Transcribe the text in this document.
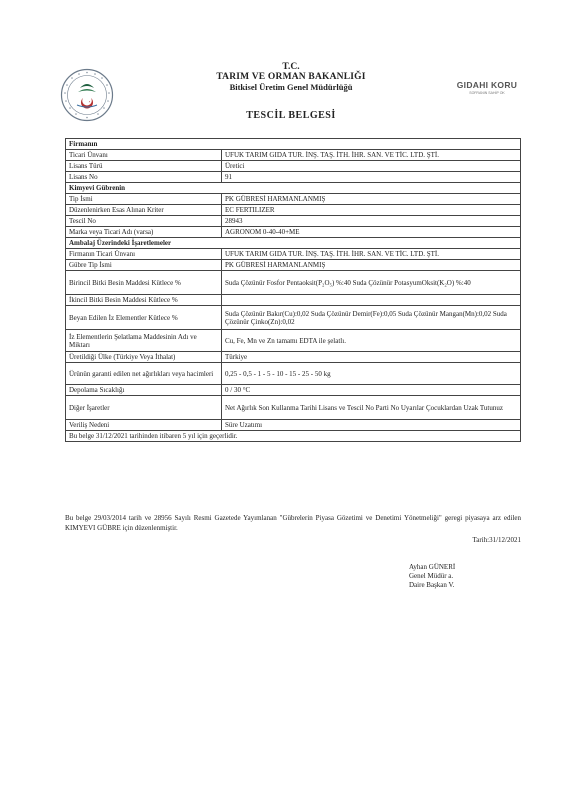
T.C.
TARIM VE ORMAN BAKANLIĞI
Bitkisel Üretim Genel Müdürlüğü
TESCİL BELGESİ
GIDAHI KORU
SOFRANIN SAHİP OK
Firmanın	
Ticari Ünvanı	UFUK TARIM GIDA TUR. İNŞ. TAŞ. İTH. İHR. SAN. VE TİC. LTD. ŞTİ.
Lisans Türü	Üretici
Lisans No	91
Kimyevi Gübrenin	
Tip İsmi	PK GÜBRESİ HARMANLANMIŞ
Düzenlenirken Esas Alınan Kriter	EC FERTILIZER
Tescil No	28943
Marka veya Ticari Adı (varsa)	AGRONOM 0-40-40+ME
Ambalaj Üzerindeki İşaretlemeler	
Firmanın Ticari Ünvanı	UFUK TARIM GIDA TUR. İNŞ. TAŞ. İTH. İHR. SAN. VE TİC. LTD. ŞTİ.
Gübre Tip İsmi	PK GÜBRESİ HARMANLANMIŞ
Birincil Bitki Besin Maddesi Kütlece %	Suda Çözünür Fosfor Pentaoksit(P₂O₅) %:40 Suda Çözünür PotasyumOksit(K₂O) %:40
İkincil Bitki Besin Maddesi Kütlece %	
Beyan Edilen İz Elementler Kütlece %	Suda Çözünür Bakır(Cu):0,02 Suda Çözünür Demir(Fe):0,05 Suda Çözünür Mangan(Mn):0,02 Suda Çözünür Çinko(Zn):0,02
İz Elementlerin Şelatlama Maddesinin Adı ve Miktarı	Cu, Fe, Mn ve Zn tamamı EDTA ile şelatlı.
Üretildiği Ülke (Türkiye Veya İthalat)	Türkiye
Ürünün garanti edilen net ağırlıkları veya hacimleri	0,25 - 0,5 - 1 - 5 - 10 - 15 - 25 - 50 kg
Depolama Sıcaklığı	0 / 30 °C
Diğer İşaretler	Net Ağırlık Son Kullanma Tarihi Lisans ve Tescil No Parti No Uyarılar Çocuklardan Uzak Tutunuz
Veriliş Nedeni	Süre Uzatımı
Bu belge 31/12/2021 tarihinden itibaren 5 yıl için geçerlidir.	
Bu belge 29/03/2014 tarih ve 28956 Sayılı Resmi Gazetede Yayımlanan "Gübrelerin Piyasa Gözetimi ve Denetimi Yönetmeliği" geregi piyasaya arz edilen KIMYEVI GÜBRE için düzenlenmiştir.
Tarih:31/12/2021
Ayhan GÜNERİ
Genel Müdür a.
Daire Başkan V.
